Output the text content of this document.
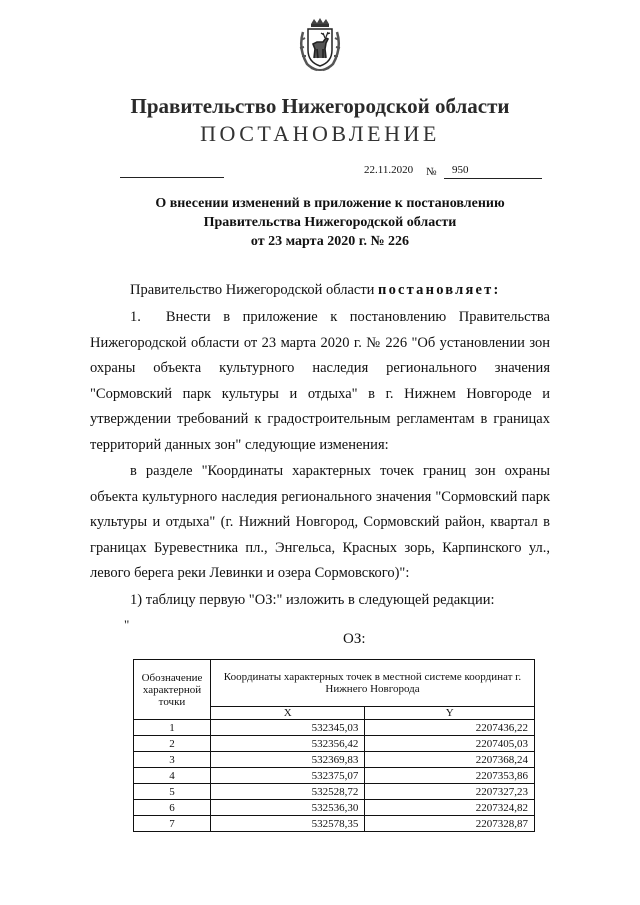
Правительство Нижегородской области
ПОСТАНОВЛЕНИЕ
22.11.2020 №	950
О внесении изменений в приложение к постановлению
Правительства Нижегородской области
от 23 марта 2020 г. № 226
Правительство Нижегородской области постановляет:
1.  Внести в приложение к постановлению Правительства Нижегородской области от 23 марта 2020 г. № 226 "Об установлении зон охраны объекта культурного наследия регионального значения "Сормовский парк культуры и отдыха" в г. Нижнем Новгороде и утверждении требований к градостроительным регламентам в границах территорий данных зон" следующие изменения:
в разделе "Координаты характерных точек границ зон охраны объекта культурного наследия регионального значения "Сормовский парк культуры и отдыха" (г. Нижний Новгород, Сормовский район, квартал в границах Буревестника пл., Энгельса, Красных зорь, Карпинского ул., левого берега реки Левинки и озера Сормовского)":
1) таблицу первую "ОЗ:" изложить в следующей редакции:
"
ОЗ:
Обозначение характерной точки	Координаты характерных точек в местной системе координат г. Нижнего Новгорода	
	X	Y
1	532345,03	2207436,22
2	532356,42	2207405,03
3	532369,83	2207368,24
4	532375,07	2207353,86
5	532528,72	2207327,23
6	532536,30	2207324,82
7	532578,35	2207328,87
